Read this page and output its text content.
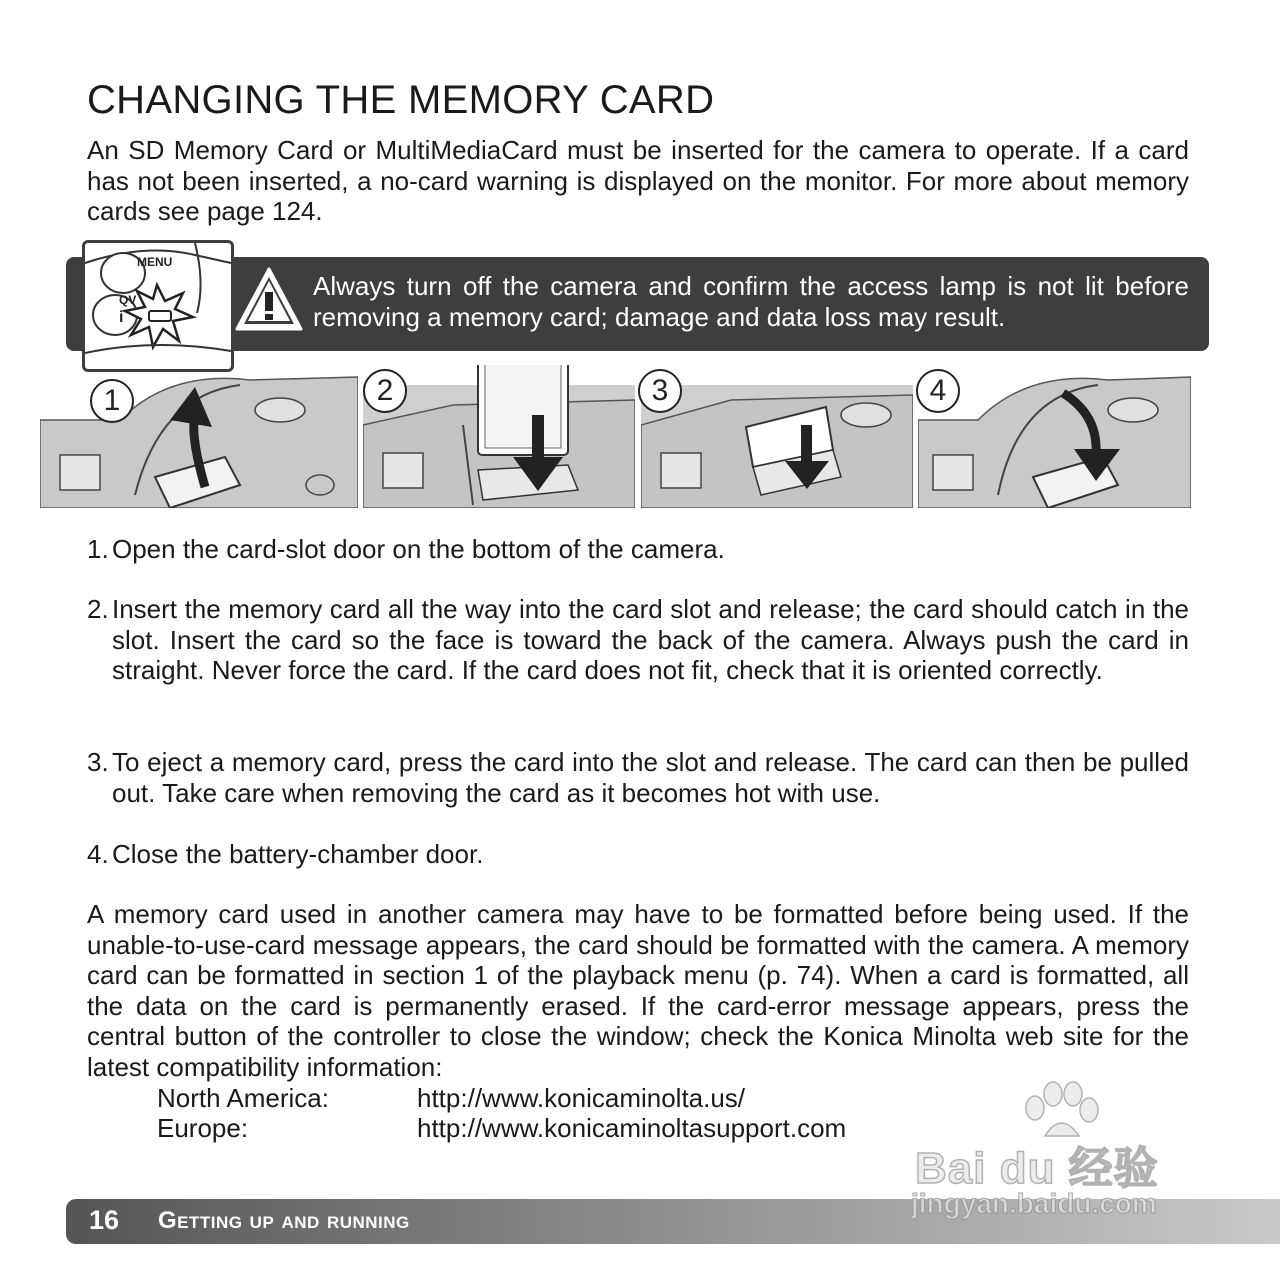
CHANGING THE MEMORY CARD

An SD Memory Card or MultiMediaCard must be inserted for the camera to operate. If a card has not been inserted, a no-card warning is displayed on the monitor. For more about memory cards see page 124.

Always turn off the camera and confirm the access lamp is not lit before removing a memory card; damage and data loss may result.

MENU
QV
i
1	2	3	4
1. Open the card-slot door on the bottom of the camera.
2. Insert the memory card all the way into the card slot and release; the card should catch in the slot. Insert the card so the face is toward the back of the camera. Always push the card in straight. Never force the card. If the card does not fit, check that it is oriented correctly.
3. To eject a memory card, press the card into the slot and release. The card can then be pulled out. Take care when removing the card as it becomes hot with use.
4. Close the battery-chamber door.

A memory card used in another camera may have to be formatted before being used. If the unable-to-use-card message appears, the card should be formatted with the camera. A memory card can be formatted in section 1 of the playback menu (p. 74). When a card is formatted, all the data on the card is permanently erased. If the card-error message appears, press the central button of the controller to close the window; check the Konica Minolta web site for the latest compatibility information:

North America:	http://www.konicaminolta.us/
Europe:	http://www.konicaminoltasupport.com
16 Getting up and running
Bai du 经验
jingyan.baidu.com
